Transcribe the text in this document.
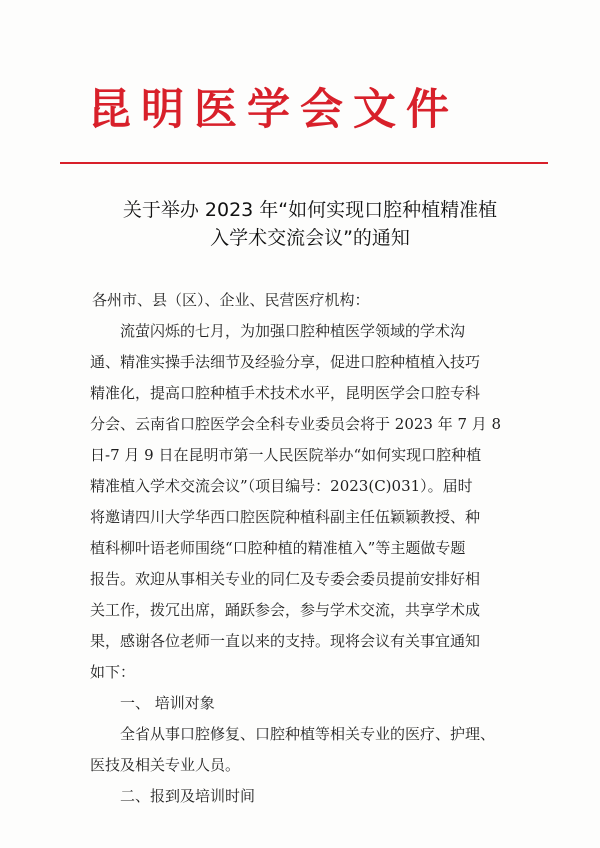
昆明医学会文件
关于举办 2023 年“如何实现口腔种植精准植
入学术交流会议”的通知
各州市、县（区）、企业、民营医疗机构：
流萤闪烁的七月，为加强口腔种植医学领域的学术沟
通、精准实操手法细节及经验分享，促进口腔种植植入技巧
精准化，提高口腔种植手术技术水平，昆明医学会口腔专科
分会、云南省口腔医学会全科专业委员会将于 2023 年 7 月 8
日-7 月 9 日在昆明市第一人民医院举办“如何实现口腔种植
精准植入学术交流会议”（项目编号：2023(C)031）。届时
将邀请四川大学华西口腔医院种植科副主任伍颖颖教授、种
植科柳叶语老师围绕“口腔种植的精准植入”等主题做专题
报告。欢迎从事相关专业的同仁及专委会委员提前安排好相
关工作，拨冗出席，踊跃参会，参与学术交流，共享学术成
果，感谢各位老师一直以来的支持。现将会议有关事宜通知
如下：
一、 培训对象
全省从事口腔修复、口腔种植等相关专业的医疗、护理、
医技及相关专业人员。
二、报到及培训时间
